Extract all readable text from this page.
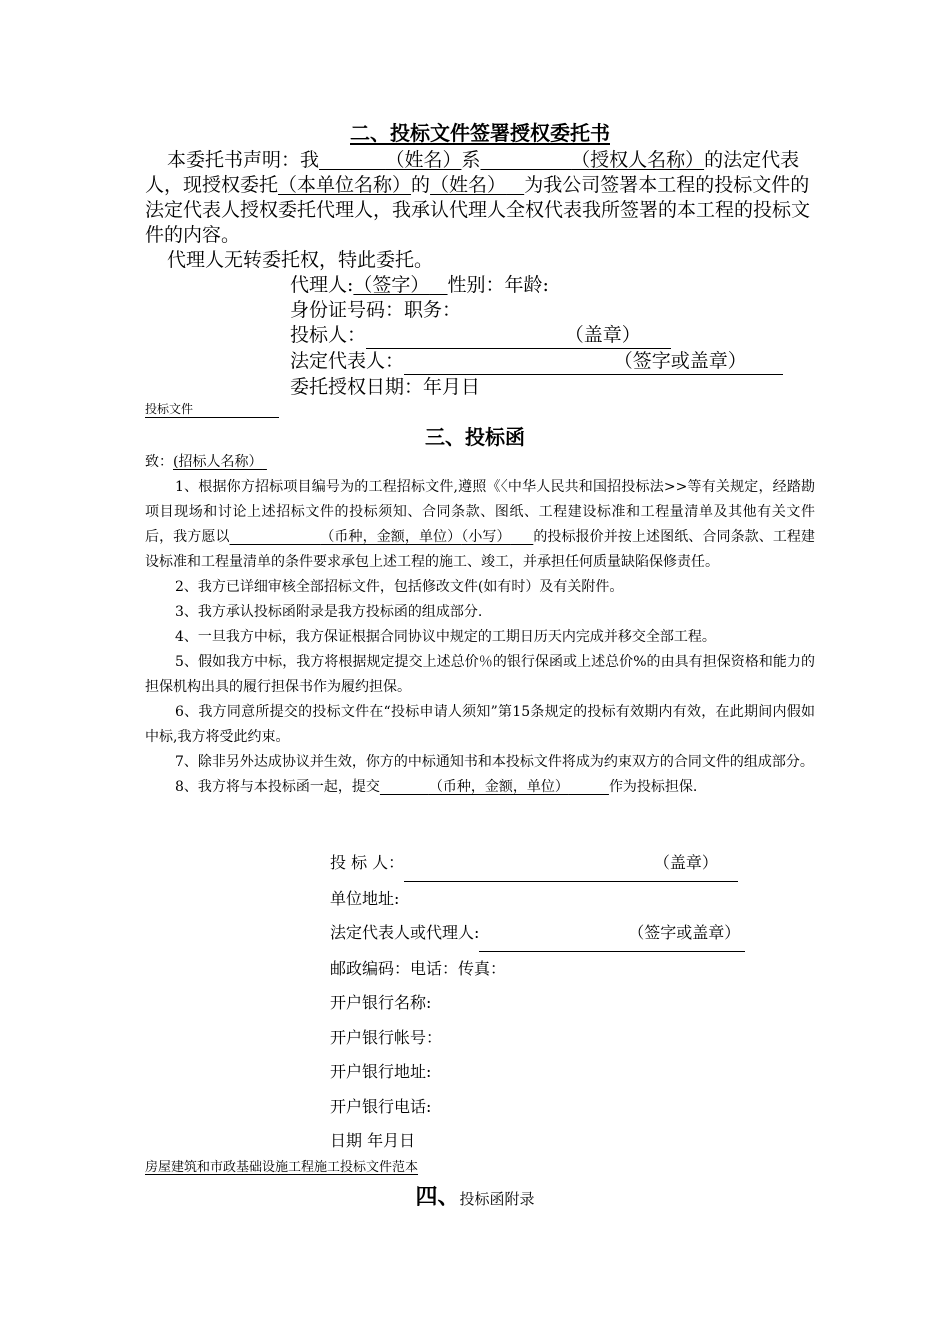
二、投标文件签署授权委托书

本委托书声明：我	（姓名）系	（授权人名称）的法定代表人，现授权委托（本单位名称）的（姓名） 为我公司签署本工程的投标文件的法定代表人授权委托代理人，我承认代理人全权代表我所签署的本工程的投标文件的内容。

代理人无转委托权，特此委托。

代理人:（签字） 性别：年龄:
身份证号码：职务：
投标人：	（盖章）
法定代表人：	（签字或盖章）
委托授权日期：年月日
投标文件
三、投标函

致：(招标人名称）

1、根据你方招标项目编号为的工程招标文件,遵照《〈中华人民共和国招投标法>>等有关规定，经踏勘项目现场和讨论上述招标文件的投标须知、合同条款、图纸、工程建设标准和工程量清单及其他有关文件后，我方愿以	（币种，金额，单位）（小写） 的投标报价并按上述图纸、合同条款、工程建设标准和工程量清单的条件要求承包上述工程的施工、竣工，并承担任何质量缺陷保修责任。

2、我方已详细审核全部招标文件，包括修改文件(如有时）及有关附件。

3、我方承认投标函附录是我方投标函的组成部分.

4、一旦我方中标，我方保证根据合同协议中规定的工期日历天内完成并移交全部工程。

5、假如我方中标，我方将根据规定提交上述总价％的银行保函或上述总价%的由具有担保资格和能力的担保机构出具的履行担保书作为履约担保。

6、我方同意所提交的投标文件在“投标申请人须知”第15条规定的投标有效期内有效，在此期间内假如中标,我方将受此约束。

7、除非另外达成协议并生效，你方的中标通知书和本投标文件将成为约束双方的合同文件的组成部分。

8、我方将与本投标函一起，提交	（币种，金额，单位）	作为投标担保.

投 标 人：	（盖章）
单位地址:
法定代表人或代理人:	（签字或盖章）
邮政编码：电话：传真：
开户银行名称:
开户银行帐号：
开户银行地址:
开户银行电话:
日期 年月日
房屋建筑和市政基础设施工程施工投标文件范本
四、投标函附录
